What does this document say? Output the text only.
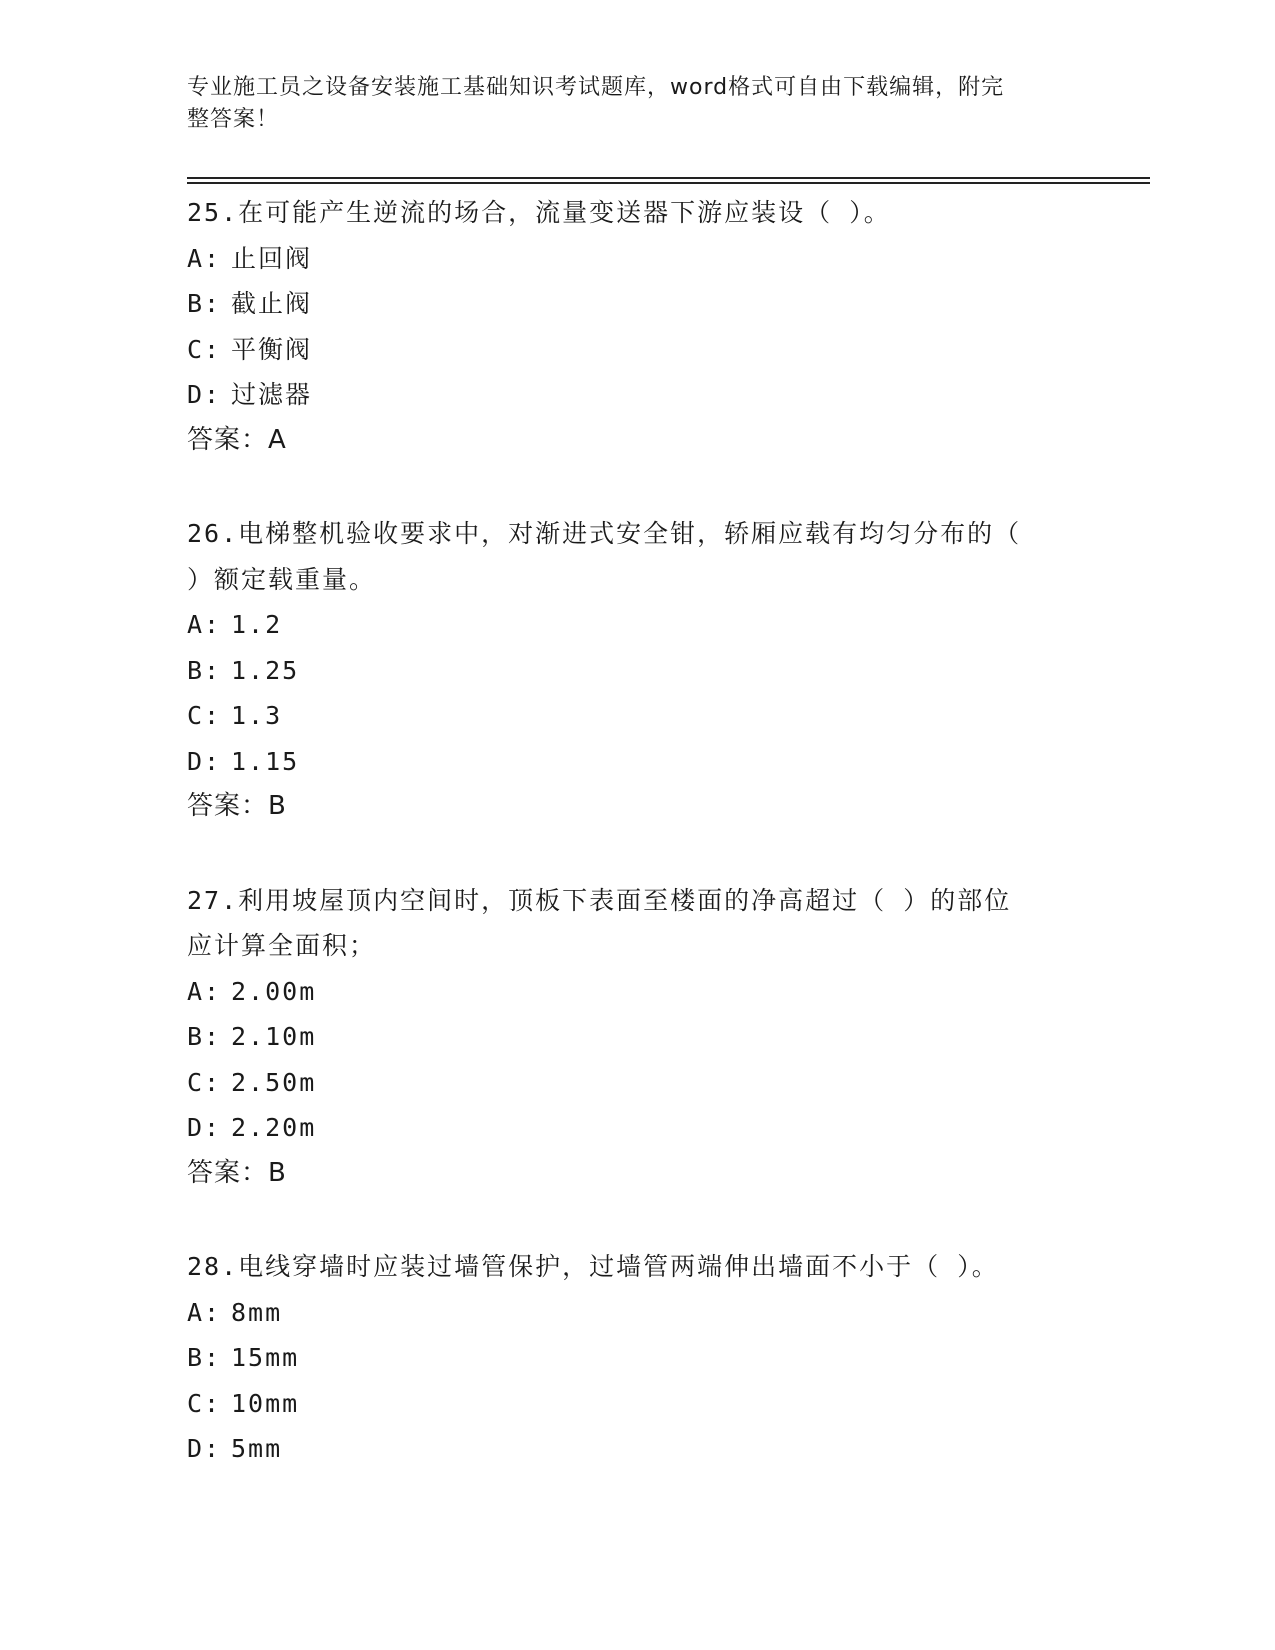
专业施工员之设备安装施工基础知识考试题库，word格式可自由下载编辑，附完
整答案！
25.在可能产生逆流的场合，流量变送器下游应装设（ ）。
A: 止回阀
B: 截止阀
C: 平衡阀
D: 过滤器
答案：A
26.电梯整机验收要求中，对渐进式安全钳，轿厢应载有均匀分布的（
）额定载重量。
A: 1.2
B: 1.25
C: 1.3
D: 1.15
答案：B
27.利用坡屋顶内空间时，顶板下表面至楼面的净高超过（ ）的部位
应计算全面积；
A: 2.00m
B: 2.10m
C: 2.50m
D: 2.20m
答案：B
28.电线穿墙时应装过墙管保护，过墙管两端伸出墙面不小于（ ）。
A: 8mm
B: 15mm
C: 10mm
D: 5mm
